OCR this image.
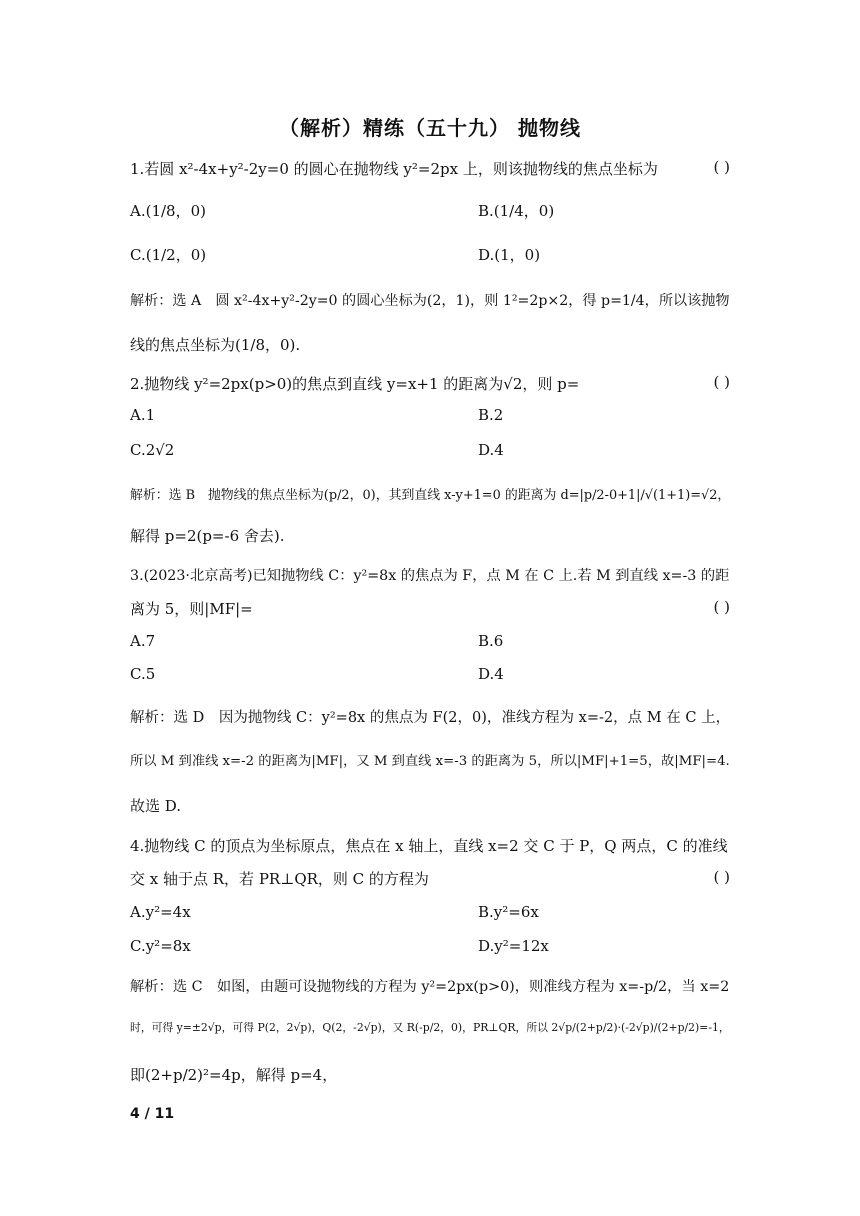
（解析）精练（五十九） 抛物线
1.若圆 x²-4x+y²-2y=0 的圆心在抛物线 y²=2px 上，则该抛物线的焦点坐标为	( )
A.(1/8，0)	B.(1/4，0)
C.(1/2，0)	D.(1，0)
解析：选 A　圆 x²-4x+y²-2y=0 的圆心坐标为(2，1)，则 1²=2p×2，得 p=1/4，所以该抛物
线的焦点坐标为(1/8，0).
2.抛物线 y²=2px(p>0)的焦点到直线 y=x+1 的距离为√2，则 p=	( )
A.1	B.2
C.2√2	D.4
解析：选 B　抛物线的焦点坐标为(p/2，0)，其到直线 x-y+1=0 的距离为 d=|p/2-0+1|/√(1+1)=√2，
解得 p=2(p=-6 舍去).
3.(2023·北京高考)已知抛物线 C：y²=8x 的焦点为 F，点 M 在 C 上.若 M 到直线 x=-3 的距
离为 5，则|MF|=	( )
A.7	B.6
C.5	D.4
解析：选 D　因为抛物线 C：y²=8x 的焦点为 F(2，0)，准线方程为 x=-2，点 M 在 C 上，
所以 M 到准线 x=-2 的距离为|MF|，又 M 到直线 x=-3 的距离为 5，所以|MF|+1=5，故|MF|=4.
故选 D.
4.抛物线 C 的顶点为坐标原点，焦点在 x 轴上，直线 x=2 交 C 于 P，Q 两点，C 的准线
交 x 轴于点 R，若 PR⊥QR，则 C 的方程为	( )
A.y²=4x	B.y²=6x
C.y²=8x	D.y²=12x
解析：选 C　如图，由题可设抛物线的方程为 y²=2px(p>0)，则准线方程为 x=-p/2，当 x=2
时，可得 y=±2√p，可得 P(2，2√p)，Q(2，-2√p)，又 R(-p/2，0)，PR⊥QR，所以 2√p/(2+p/2)·(-2√p)/(2+p/2)=-1，
即(2+p/2)²=4p，解得 p=4，
4 / 11
